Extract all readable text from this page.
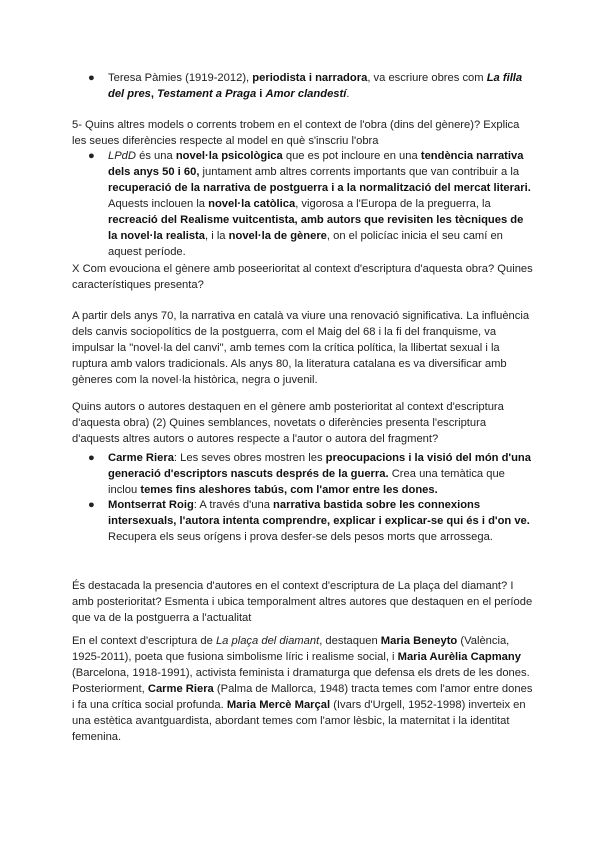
● Teresa Pàmies (1919-2012), periodista i narradora, va escriure obres com La filla del pres, Testament a Praga i Amor clandestí.

5- Quins altres models o corrents trobem en el context de l'obra (dins del gènere)? Explica les seues diferències respecte al model en què s'inscriu l'obra

● LPdD és una novel·la psicològica que es pot incloure en una tendència narrativa dels anys 50 i 60, juntament amb altres corrents importants que van contribuir a la recuperació de la narrativa de postguerra i a la normalització del mercat literari. Aquests inclouen la novel·la catòlica, vigorosa a l'Europa de la preguerra, la recreació del Realisme vuitcentista, amb autors que revisiten les tècniques de la novel·la realista, i la novel·la de gènere, on el policíac inicia el seu camí en aquest període.

X Com evouciona el gènere amb poseerioritat al context d'escriptura d'aquesta obra? Quines característiques presenta?

A partir dels anys 70, la narrativa en català va viure una renovació significativa. La influència dels canvis sociopolítics de la postguerra, com el Maig del 68 i la fi del franquisme, va impulsar la "novel·la del canvi", amb temes com la crítica política, la llibertat sexual i la ruptura amb valors tradicionals. Als anys 80, la literatura catalana es va diversificar amb gèneres com la novel·la històrica, negra o juvenil.

Quins autors o autores destaquen en el gènere amb posterioritat al context d'escriptura d'aquesta obra) (2) Quines semblances, novetats o diferències presenta l'escriptura d'aquests altres autors o autores respecte a l'autor o autora del fragment?

● Carme Riera: Les seves obres mostren les preocupacions i la visió del món d'una generació d'escriptors nascuts després de la guerra. Crea una temàtica que inclou temes fins aleshores tabús, com l'amor entre les dones.

● Montserrat Roig: A través d'una narrativa bastida sobre les connexions intersexuals, l'autora intenta comprendre, explicar i explicar-se qui és i d'on ve. Recupera els seus orígens i prova desfer-se dels pesos morts que arrossega.

És destacada la presencia d'autores en el context d'escriptura de La plaça del diamant? I amb posterioritat? Esmenta i ubica temporalment altres autores que destaquen en el període que va de la postguerra a l'actualitat

En el context d'escriptura de La plaça del diamant, destaquen Maria Beneyto (València, 1925-2011), poeta que fusiona simbolisme líric i realisme social, i Maria Aurèlia Capmany (Barcelona, 1918-1991), activista feminista i dramaturga que defensa els drets de les dones. Posteriorment, Carme Riera (Palma de Mallorca, 1948) tracta temes com l'amor entre dones i fa una crítica social profunda. Maria Mercè Marçal (Ivars d'Urgell, 1952-1998) inverteix en una estètica avantguardista, abordant temes com l'amor lèsbic, la maternitat i la identitat femenina.
